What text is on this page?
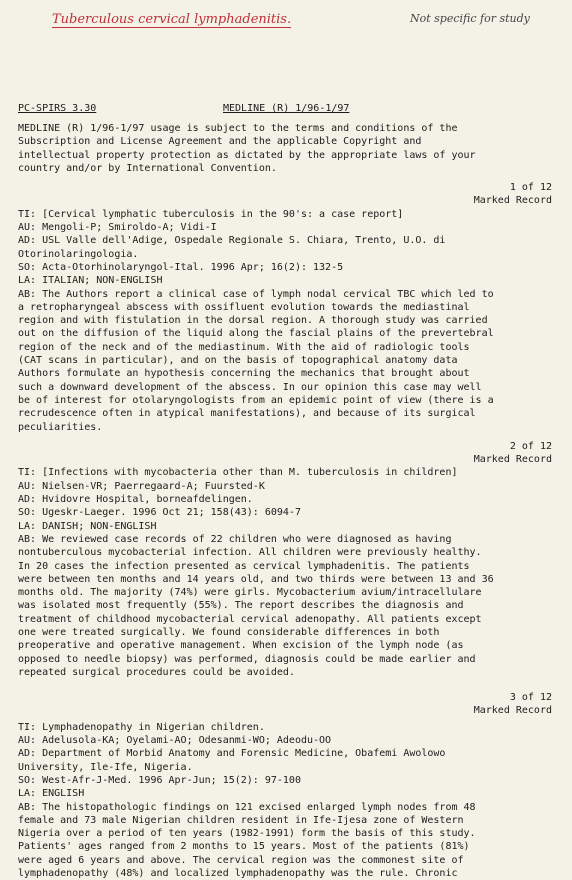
Tuberculous cervical lymphadenitis.	Not specific for study
PC-SPIRS 3.30	MEDLINE (R) 1/96-1/97
MEDLINE (R) 1/96-1/97 usage is subject to the terms and conditions of the
Subscription and License Agreement and the applicable Copyright and
intellectual property protection as dictated by the appropriate laws of your
country and/or by International Convention.
1 of 12
Marked Record
TI: [Cervical lymphatic tuberculosis in the 90's: a case report]
AU: Mengoli-P; Smiroldo-A; Vidi-I
AD: USL Valle dell'Adige, Ospedale Regionale S. Chiara, Trento, U.O. di
Otorinolaringologia.
SO: Acta-Otorhinolaryngol-Ital. 1996 Apr; 16(2): 132-5
LA: ITALIAN; NON-ENGLISH
AB: The Authors report a clinical case of lymph nodal cervical TBC which led to
a retropharyngeal abscess with ossifluent evolution towards the mediastinal
region and with fistulation in the dorsal region. A thorough study was carried
out on the diffusion of the liquid along the fascial plains of the prevertebral
region of the neck and of the mediastinum. With the aid of radiologic tools
(CAT scans in particular), and on the basis of topographical anatomy data
Authors formulate an hypothesis concerning the mechanics that brought about
such a downward development of the abscess. In our opinion this case may well
be of interest for otolaryngologists from an epidemic point of view (there is a
recrudescence often in atypical manifestations), and because of its surgical
peculiarities.
2 of 12
Marked Record
TI: [Infections with mycobacteria other than M. tuberculosis in children]
AU: Nielsen-VR; Paerregaard-A; Fuursted-K
AD: Hvidovre Hospital, borneafdelingen.
SO: Ugeskr-Laeger. 1996 Oct 21; 158(43): 6094-7
LA: DANISH; NON-ENGLISH
AB: We reviewed case records of 22 children who were diagnosed as having
nontuberculous mycobacterial infection. All children were previously healthy.
In 20 cases the infection presented as cervical lymphadenitis. The patients
were between ten months and 14 years old, and two thirds were between 13 and 36
months old. The majority (74%) were girls. Mycobacterium avium/intracellulare
was isolated most frequently (55%). The report describes the diagnosis and
treatment of childhood mycobacterial cervical adenopathy. All patients except
one were treated surgically. We found considerable differences in both
preoperative and operative management. When excision of the lymph node (as
opposed to needle biopsy) was performed, diagnosis could be made earlier and
repeated surgical procedures could be avoided.
3 of 12
Marked Record
TI: Lymphadenopathy in Nigerian children.
AU: Adelusola-KA; Oyelami-AO; Odesanmi-WO; Adeodu-OO
AD: Department of Morbid Anatomy and Forensic Medicine, Obafemi Awolowo
University, Ile-Ife, Nigeria.
SO: West-Afr-J-Med. 1996 Apr-Jun; 15(2): 97-100
LA: ENGLISH
AB: The histopathologic findings on 121 excised enlarged lymph nodes from 48
female and 73 male Nigerian children resident in Ife-Ijesa zone of Western
Nigeria over a period of ten years (1982-1991) form the basis of this study.
Patients' ages ranged from 2 months to 15 years. Most of the patients (81%)
were aged 6 years and above. The cervical region was the commonest site of
lymphadenopathy (48%) and localized lymphadenopathy was the rule. Chronic
